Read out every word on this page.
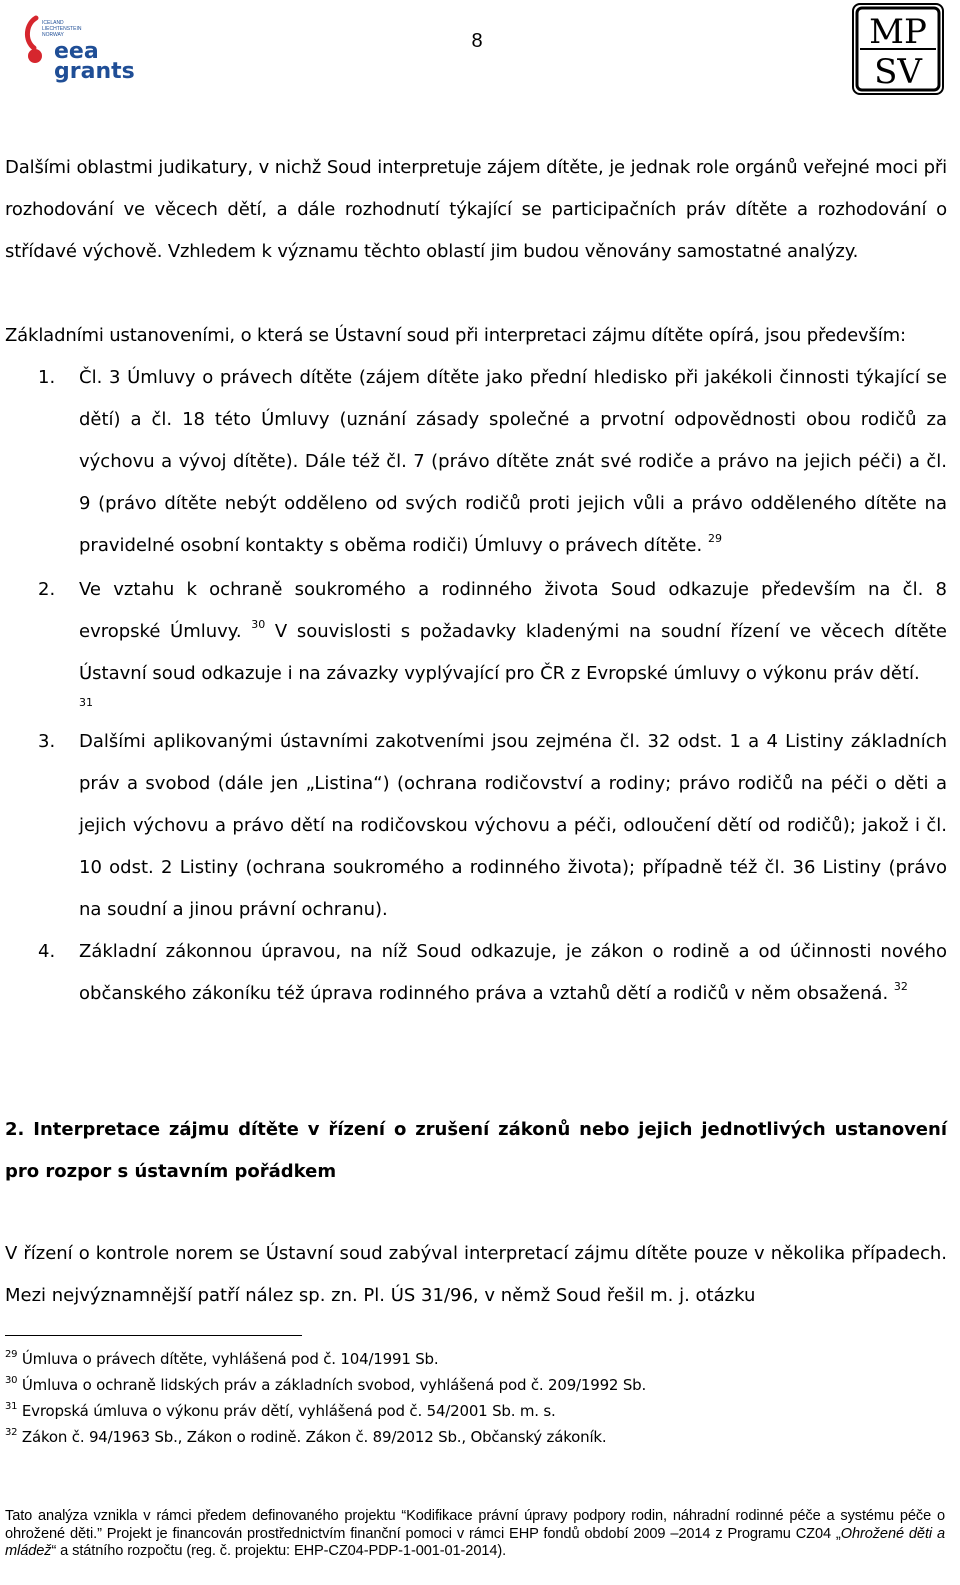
ICELAND
LIECHTENSTEIN
NORWAY
eea
grants
8	MP
SV
Dalšími oblastmi judikatury, v nichž Soud interpretuje zájem dítěte, je jednak role orgánů veřejné moci při rozhodování ve věcech dětí, a dále rozhodnutí týkající se participačních práv dítěte a rozhodování o střídavé výchově. Vzhledem k významu těchto oblastí jim budou věnovány samostatné analýzy.
Základními ustanoveními, o která se Ústavní soud při interpretaci zájmu dítěte opírá, jsou především:
1. Čl. 3 Úmluvy o právech dítěte (zájem dítěte jako přední hledisko při jakékoli činnosti týkající se dětí) a čl. 18 této Úmluvy (uznání zásady společné a prvotní odpovědnosti obou rodičů za výchovu a vývoj dítěte). Dále též čl. 7 (právo dítěte znát své rodiče a právo na jejich péči) a čl. 9 (právo dítěte nebýt odděleno od svých rodičů proti jejich vůli a právo odděleného dítěte na pravidelné osobní kontakty s oběma rodiči) Úmluvy o právech dítěte. $^{29}$
2. Ve vztahu k ochraně soukromého a rodinného života Soud odkazuje především na čl. 8 evropské Úmluvy. $^{30}$ V souvislosti s požadavky kladenými na soudní řízení ve věcech dítěte Ústavní soud odkazuje i na závazky vyplývající pro ČR z Evropské úmluvy o výkonu práv dětí.
31
3. Dalšími aplikovanými ústavními zakotveními jsou zejména čl. 32 odst. 1 a 4 Listiny základních práv a svobod (dále jen „Listina“) (ochrana rodičovství a rodiny; právo rodičů na péči o děti a jejich výchovu a právo dětí na rodičovskou výchovu a péči, odloučení dětí od rodičů); jakož i čl. 10 odst. 2 Listiny (ochrana soukromého a rodinného života); případně též čl. 36 Listiny (právo na soudní a jinou právní ochranu).
4. Základní zákonnou úpravou, na níž Soud odkazuje, je zákon o rodině a od účinnosti nového občanského zákoníku též úprava rodinného práva a vztahů dětí a rodičů v něm obsažená. $^{32}$
2. Interpretace zájmu dítěte v řízení o zrušení zákonů nebo jejich jednotlivých ustanovení pro rozpor s ústavním pořádkem
V řízení o kontrole norem se Ústavní soud zabýval interpretací zájmu dítěte pouze v několika případech. Mezi nejvýznamnější patří nález sp. zn. Pl. ÚS 31/96, v němž Soud řešil m. j. otázku
$^{29}$ Úmluva o právech dítěte, vyhlášená pod č. 104/1991 Sb.
$^{30}$ Úmluva o ochraně lidských práv a základních svobod, vyhlášená pod č. 209/1992 Sb.
$^{31}$ Evropská úmluva o výkonu práv dětí, vyhlášená pod č. 54/2001 Sb. m. s.
$^{32}$ Zákon č. 94/1963 Sb., Zákon o rodině. Zákon č. 89/2012 Sb., Občanský zákoník.
Tato analýza vznikla v rámci předem definovaného projektu “Kodifikace právní úpravy podpory rodin, náhradní rodinné péče a systému péče o ohrožené děti.” Projekt je financován prostřednictvím finanční pomoci v rámci EHP fondů období 2009 –2014 z Programu CZ04 „Ohrožené děti a mládež“ a státního rozpočtu (reg. č. projektu: EHP-CZ04-PDP-1-001-01-2014).
